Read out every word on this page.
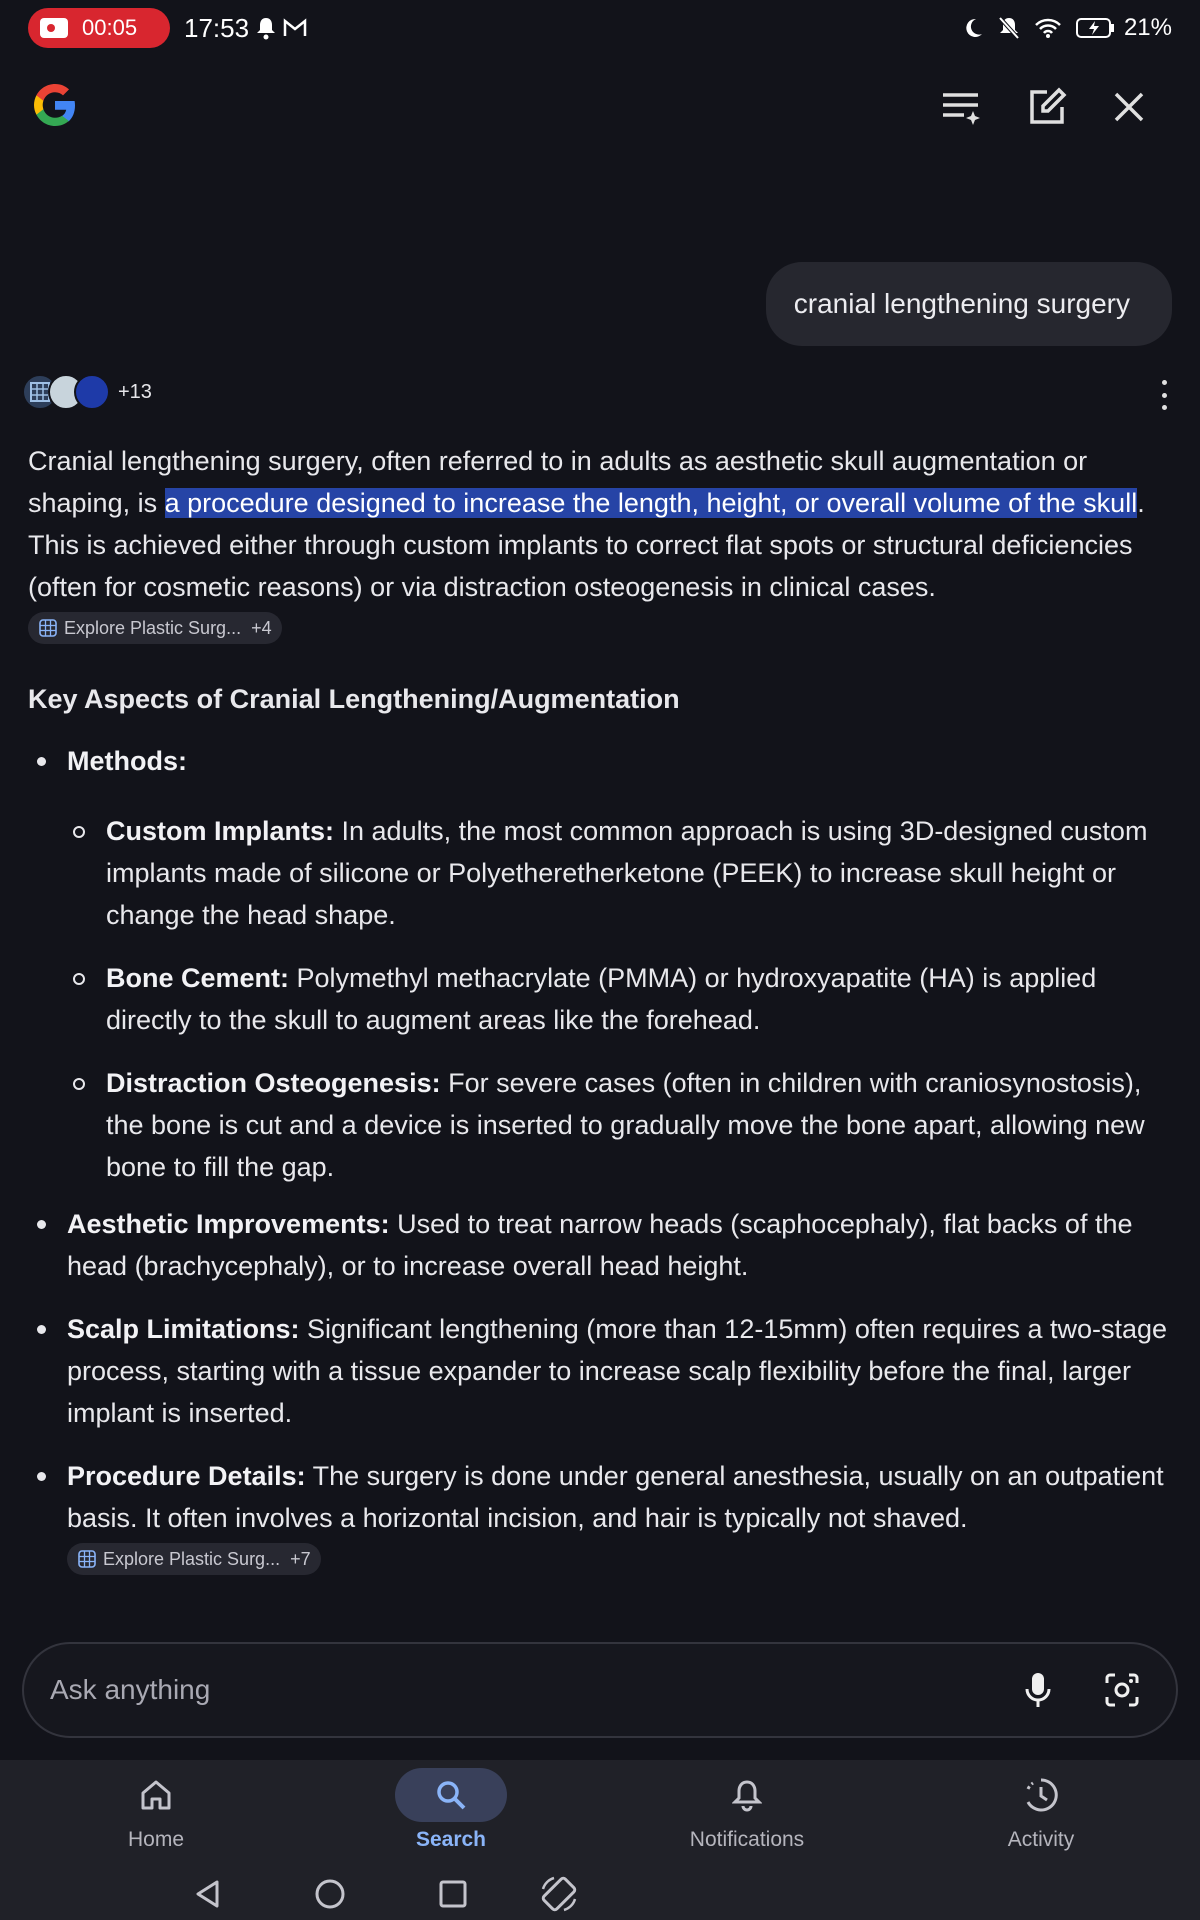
00:05 17:53	21%
cranial lengthening surgery
+13

Cranial lengthening surgery, often referred to in adults as aesthetic skull augmentation or shaping, is a procedure designed to increase the length, height, or overall volume of the skull. This is achieved either through custom implants to correct flat spots or structural deficiencies (often for cosmetic reasons) or via distraction osteogenesis in clinical cases.
Explore Plastic Surg... +4

Key Aspects of Cranial Lengthening/Augmentation
Methods:
Custom Implants: In adults, the most common approach is using 3D-designed custom implants made of silicone or Polyetheretherketone (PEEK) to increase skull height or change the head shape.
Bone Cement: Polymethyl methacrylate (PMMA) or hydroxyapatite (HA) is applied directly to the skull to augment areas like the forehead.
Distraction Osteogenesis: For severe cases (often in children with craniosynostosis), the bone is cut and a device is inserted to gradually move the bone apart, allowing new bone to fill the gap.
Aesthetic Improvements: Used to treat narrow heads (scaphocephaly), flat backs of the head (brachycephaly), or to increase overall head height.
Scalp Limitations: Significant lengthening (more than 12-15mm) often requires a two-stage process, starting with a tissue expander to increase scalp flexibility before the final, larger implant is inserted.
Procedure Details: The surgery is done under general anesthesia, usually on an outpatient basis. It often involves a horizontal incision, and hair is typically not shaved.
Explore Plastic Surg... +7
Ask anything
Home	Search	Notifications	Activity
